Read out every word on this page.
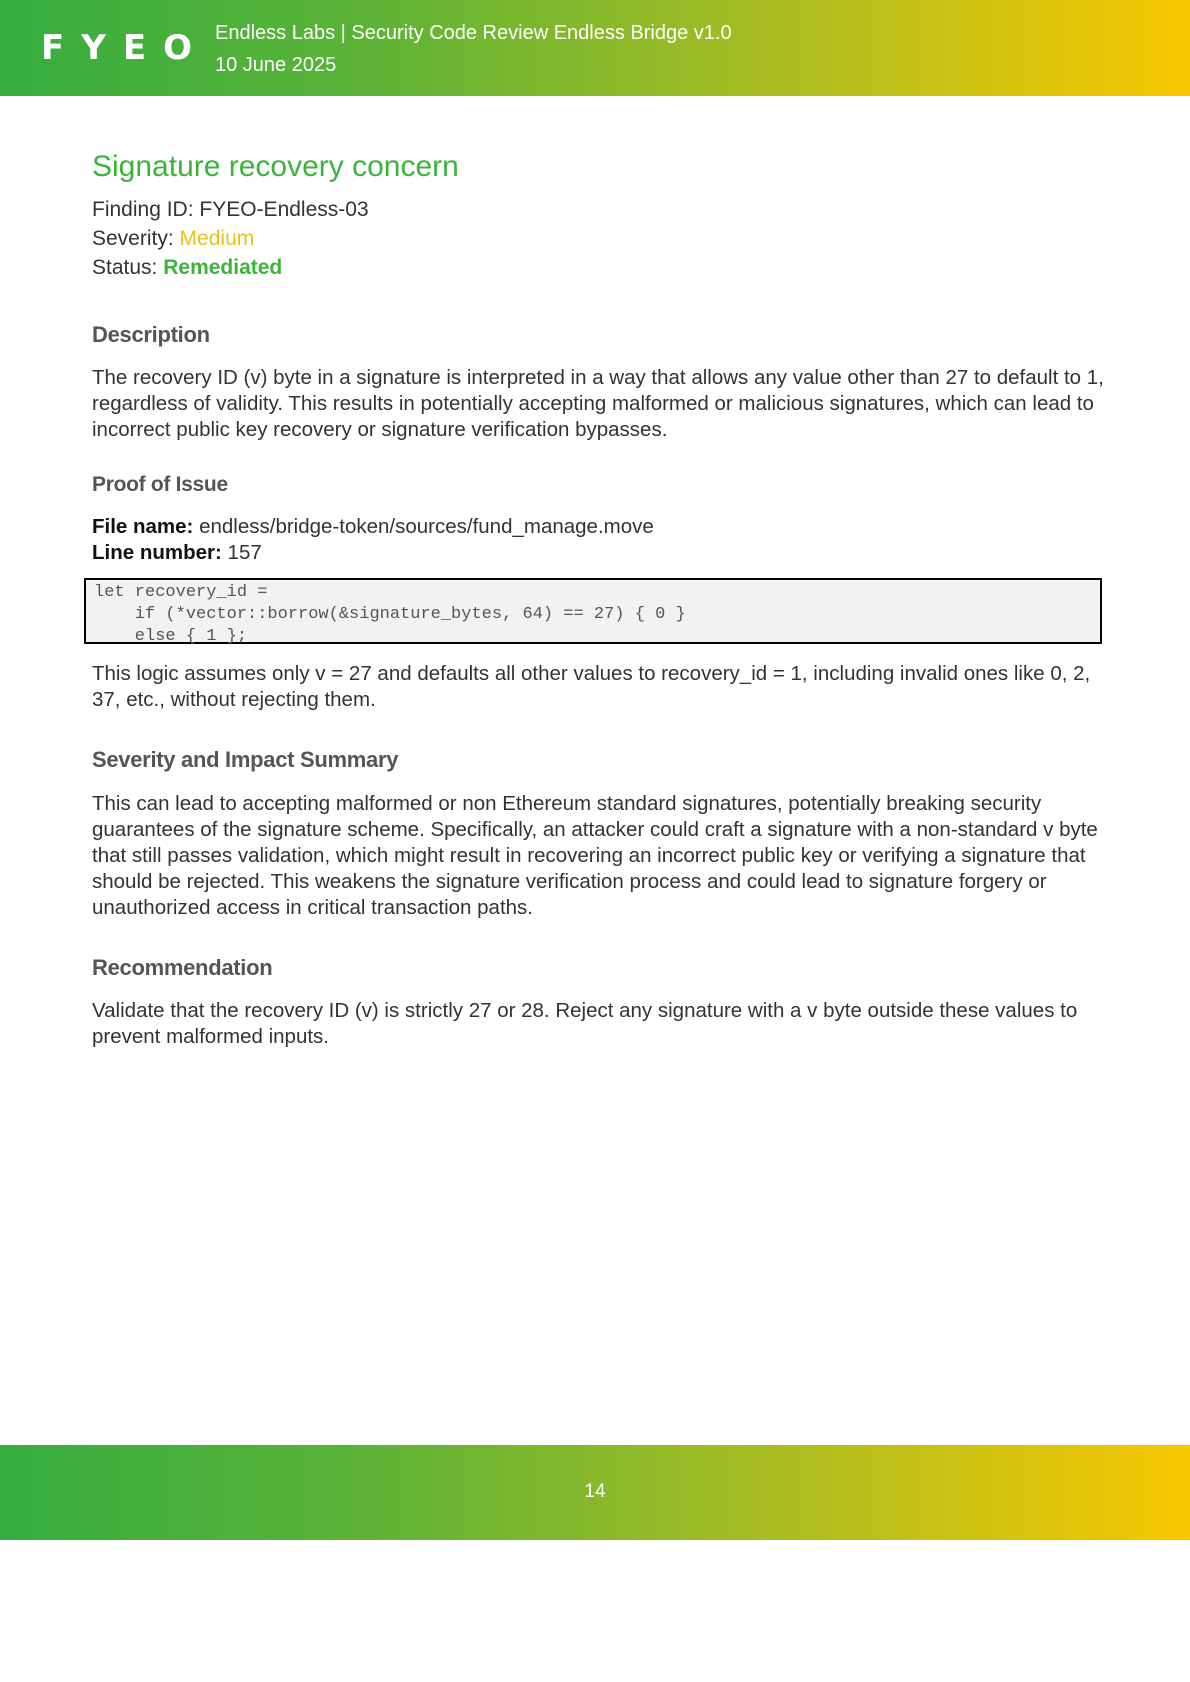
FYEO Endless Labs | Security Code Review Endless Bridge v1.0
10 June 2025
Signature recovery concern
Finding ID: FYEO-Endless-03
Severity: Medium
Status: Remediated
Description

The recovery ID (v) byte in a signature is interpreted in a way that allows any value other than 27 to default to 1, regardless of validity. This results in potentially accepting malformed or malicious signatures, which can lead to incorrect public key recovery or signature verification bypasses.

Proof of Issue
File name: endless/bridge-token/sources/fund_manage.move
Line number: 157

This logic assumes only v = 27 and defaults all other values to recovery_id = 1, including invalid ones like 0, 2, 37, etc., without rejecting them.

Severity and Impact Summary

This can lead to accepting malformed or non Ethereum standard signatures, potentially breaking security guarantees of the signature scheme. Specifically, an attacker could craft a signature with a non-standard v byte that still passes validation, which might result in recovering an incorrect public key or verifying a signature that should be rejected. This weakens the signature verification process and could lead to signature forgery or unauthorized access in critical transaction paths.

Recommendation

Validate that the recovery ID (v) is strictly 27 or 28. Reject any signature with a v byte outside these values to prevent malformed inputs.

let recovery_id =
if (*vector::borrow(&signature_bytes, 64) == 27) { 0 }
else { 1 };
14
